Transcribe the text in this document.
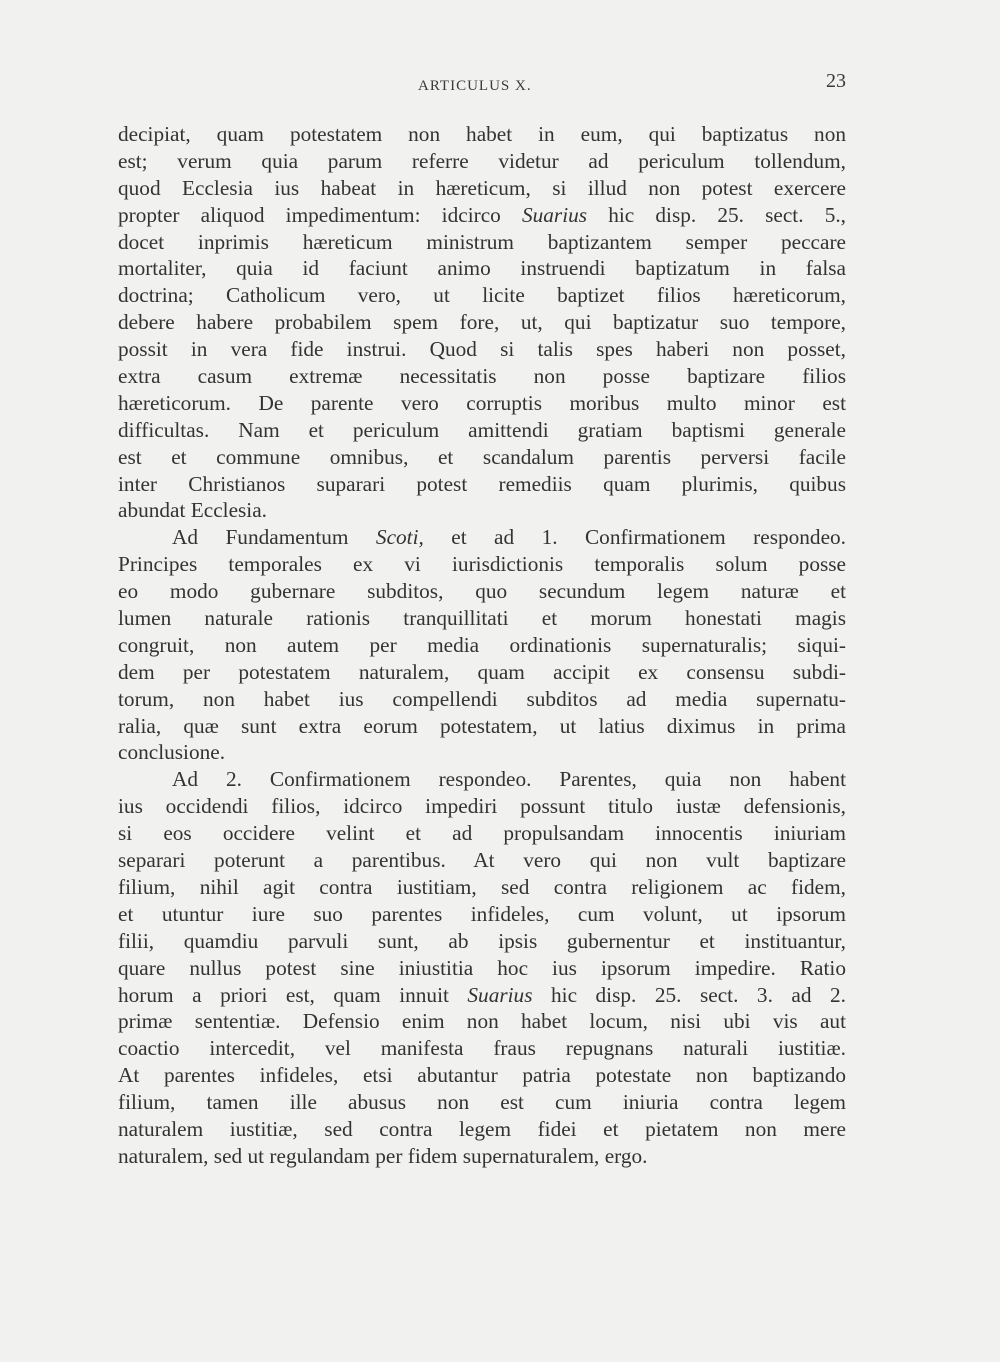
ARTICULUS X.	23
decipiat, quam potestatem non habet in eum, qui baptizatus non
est; verum quia parum referre videtur ad periculum tollendum,
quod Ecclesia ius habeat in hæreticum, si illud non potest exercere
propter aliquod impedimentum: idcirco Suarius hic disp. 25. sect. 5.,
docet inprimis hæreticum ministrum baptizantem semper peccare
mortaliter, quia id faciunt animo instruendi baptizatum in falsa
doctrina; Catholicum vero, ut licite baptizet filios hæreticorum,
debere habere probabilem spem fore, ut, qui baptizatur suo tempore,
possit in vera fide instrui. Quod si talis spes haberi non posset,
extra casum extremæ necessitatis non posse baptizare filios
hæreticorum. De parente vero corruptis moribus multo minor est
difficultas. Nam et periculum amittendi gratiam baptismi generale
est et commune omnibus, et scandalum parentis perversi facile
inter Christianos suparari potest remediis quam plurimis, quibus
abundat Ecclesia.
Ad Fundamentum Scoti, et ad 1. Confirmationem respondeo.
Principes temporales ex vi iurisdictionis temporalis solum posse
eo modo gubernare subditos, quo secundum legem naturæ et
lumen naturale rationis tranquillitati et morum honestati magis
congruit, non autem per media ordinationis supernaturalis; siqui-
dem per potestatem naturalem, quam accipit ex consensu subdi-
torum, non habet ius compellendi subditos ad media supernatu-
ralia, quæ sunt extra eorum potestatem, ut latius diximus in prima
conclusione.
Ad 2. Confirmationem respondeo. Parentes, quia non habent
ius occidendi filios, idcirco impediri possunt titulo iustæ defensionis,
si eos occidere velint et ad propulsandam innocentis iniuriam
separari poterunt a parentibus. At vero qui non vult baptizare
filium, nihil agit contra iustitiam, sed contra religionem ac fidem,
et utuntur iure suo parentes infideles, cum volunt, ut ipsorum
filii, quamdiu parvuli sunt, ab ipsis gubernentur et instituantur,
quare nullus potest sine iniustitia hoc ius ipsorum impedire. Ratio
horum a priori est, quam innuit Suarius hic disp. 25. sect. 3. ad 2.
primæ sententiæ. Defensio enim non habet locum, nisi ubi vis aut
coactio intercedit, vel manifesta fraus repugnans naturali iustitiæ.
At parentes infideles, etsi abutantur patria potestate non baptizando
filium, tamen ille abusus non est cum iniuria contra legem
naturalem iustitiæ, sed contra legem fidei et pietatem non mere
naturalem, sed ut regulandam per fidem supernaturalem, ergo.
